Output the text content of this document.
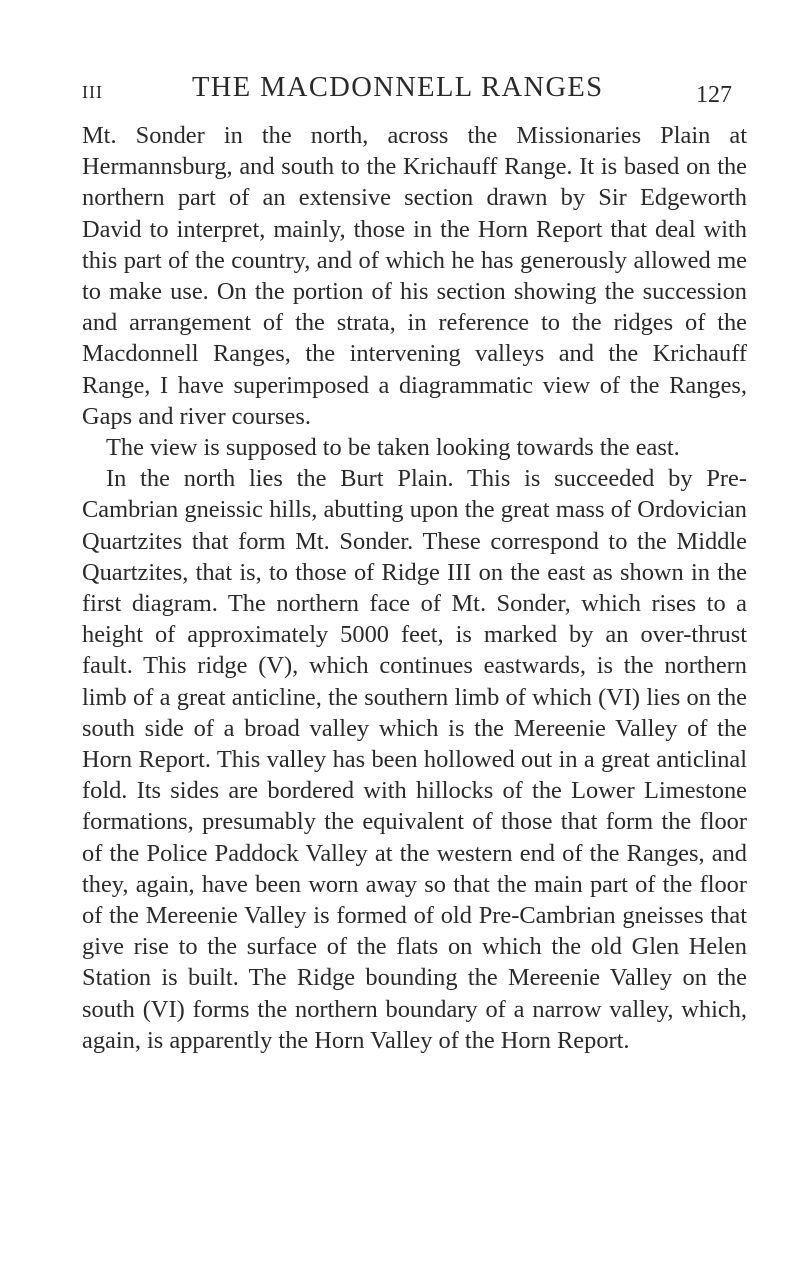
III	THE MACDONNELL RANGES	127

Mt. Sonder in the north, across the Missionaries Plain at Hermannsburg, and south to the Krichauff Range. It is based on the northern part of an extensive section drawn by Sir Edgeworth David to interpret, mainly, those in the Horn Report that deal with this part of the country, and of which he has generously allowed me to make use. On the portion of his section showing the succession and arrangement of the strata, in reference to the ridges of the Macdonnell Ranges, the intervening valleys and the Krichauff Range, I have superimposed a diagrammatic view of the Ranges, Gaps and river courses.

The view is supposed to be taken looking towards the east.

In the north lies the Burt Plain. This is succeeded by Pre-Cambrian gneissic hills, abutting upon the great mass of Ordovician Quartzites that form Mt. Sonder. These correspond to the Middle Quartzites, that is, to those of Ridge III on the east as shown in the first diagram. The northern face of Mt. Sonder, which rises to a height of approximately 5000 feet, is marked by an over-thrust fault. This ridge (V), which continues eastwards, is the northern limb of a great anticline, the southern limb of which (VI) lies on the south side of a broad valley which is the Mereenie Valley of the Horn Report. This valley has been hollowed out in a great anticlinal fold. Its sides are bordered with hillocks of the Lower Limestone formations, presumably the equivalent of those that form the floor of the Police Paddock Valley at the western end of the Ranges, and they, again, have been worn away so that the main part of the floor of the Mereenie Valley is formed of old Pre-Cambrian gneisses that give rise to the surface of the flats on which the old Glen Helen Station is built. The Ridge bounding the Mereenie Valley on the south (VI) forms the northern boundary of a narrow valley, which, again, is apparently the Horn Valley of the Horn Report.
